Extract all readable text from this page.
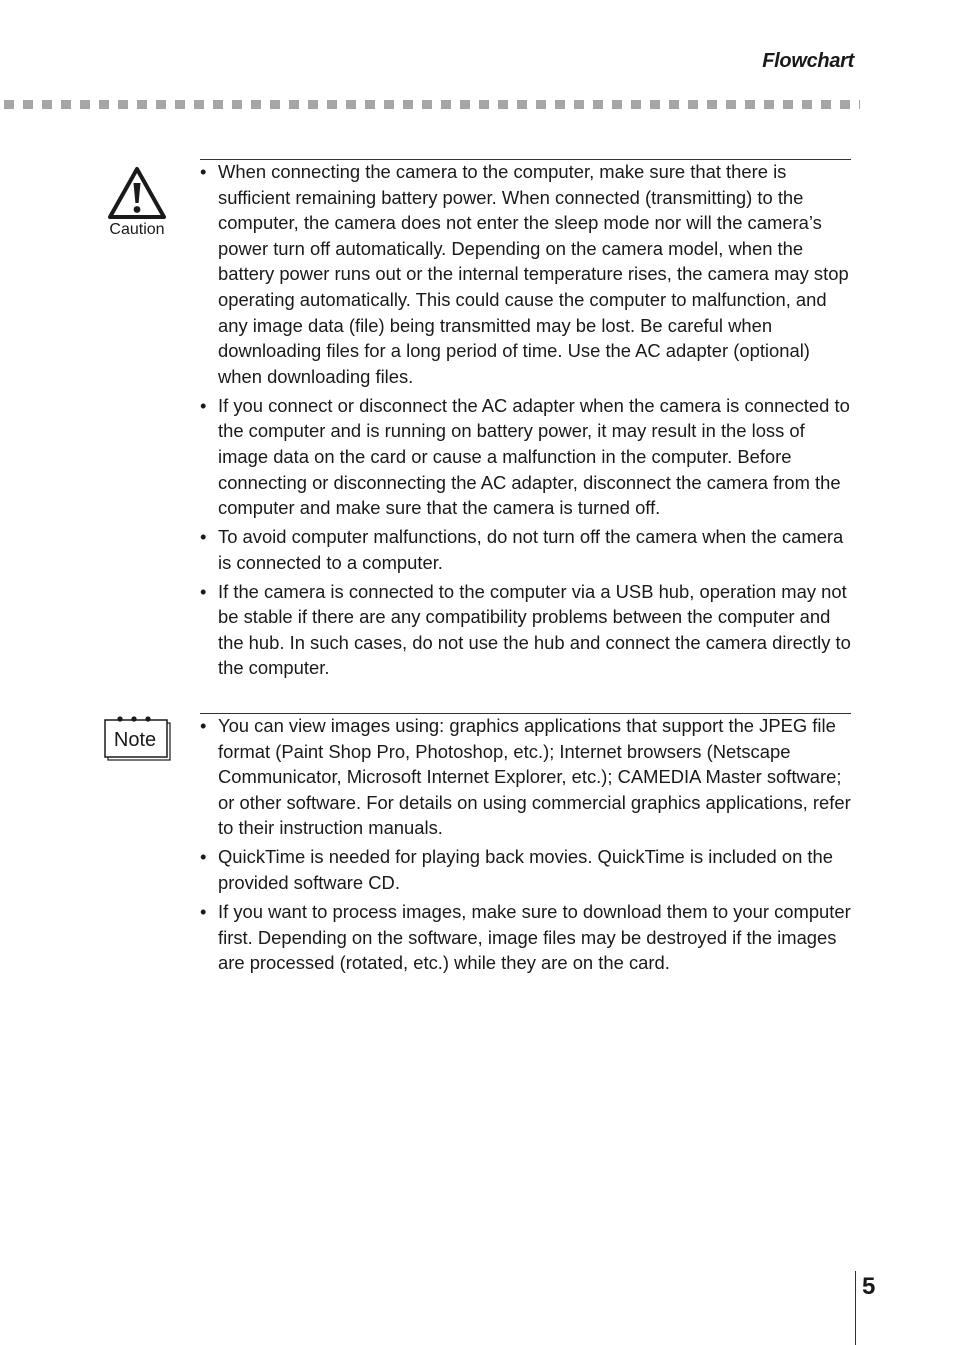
Flowchart
Caution
• When connecting the camera to the computer, make sure that there is sufficient remaining battery power. When connected (transmitting) to the computer, the camera does not enter the sleep mode nor will the camera’s power turn off automatically. Depending on the camera model, when the battery power runs out or the internal temperature rises, the camera may stop operating automatically. This could cause the computer to malfunction, and any image data (file) being transmitted may be lost. Be careful when downloading files for a long period of time. Use the AC adapter (optional) when downloading files.
• If you connect or disconnect the AC adapter when the camera is connected to the computer and is running on battery power, it may result in the loss of image data on the card or cause a malfunction in the computer. Before connecting or disconnecting the AC adapter, disconnect the camera from the computer and make sure that the camera is turned off.
• To avoid computer malfunctions, do not turn off the camera when the camera is connected to a computer.
• If the camera is connected to the computer via a USB hub, operation may not be stable if there are any compatibility problems between the computer and the hub. In such cases, do not use the hub and connect the camera directly to the computer.
Note
• You can view images using: graphics applications that support the JPEG file format (Paint Shop Pro, Photoshop, etc.); Internet browsers (Netscape Communicator, Microsoft Internet Explorer, etc.); CAMEDIA Master software; or other software. For details on using commercial graphics applications, refer to their instruction manuals.
• QuickTime is needed for playing back movies. QuickTime is included on the provided software CD.
• If you want to process images, make sure to download them to your computer first. Depending on the software, image files may be destroyed if the images are processed (rotated, etc.) while they are on the card.
5
